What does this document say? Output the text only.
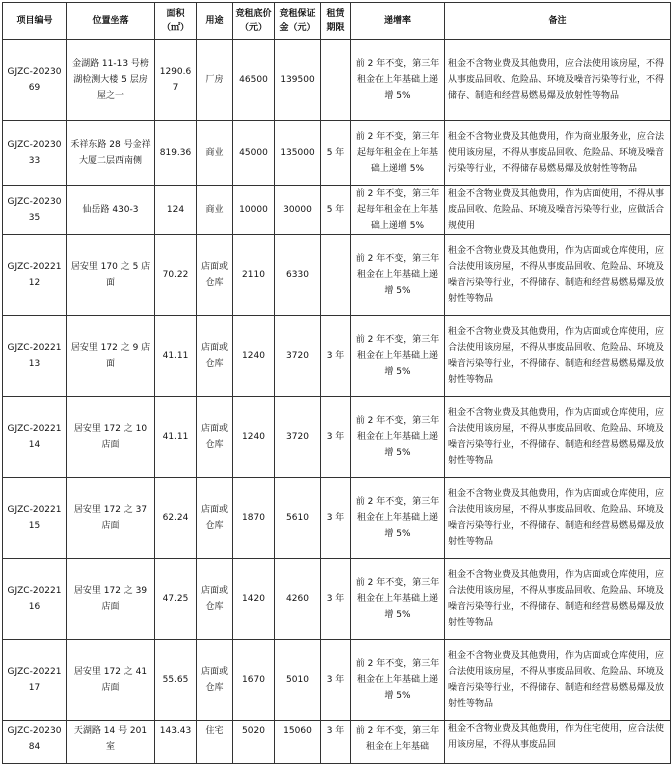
项目编号	位置坐落	面积（㎡）	用途	竞租底价（元）	竞租保证金（元）	租赁期限	递增率	备注
GJZC-2023069	金湖路 11-13 号榜湖检测大楼 5 层房屋之一	1290.67	厂房	46500	139500		前 2 年不变，第三年租金在上年基础上递增 5%	租金不含物业费及其他费用，应合法使用该房屋，不得从事废品回收、危险品、环境及噪音污染等行业，不得储存、制造和经营易燃易爆及放射性等物品
GJZC-2023033	禾祥东路 28 号金祥大厦二层西南侧	819.36	商业	45000	135000	5 年	前 2 年不变，第三年起每年租金在上年基础上递增 5%	租金不含物业费及其他费用，作为商业服务业，应合法使用该房屋，不得从事废品回收、危险品、环境及噪音污染等行业，不得储存易燃易爆及放射性等物品
GJZC-2023035	仙岳路 430-3	124	商业	10000	30000	5 年	前 2 年不变，第三年起每年租金在上年基础上递增 5%	租金不含物业费及其他费用，作为店面使用，不得从事废品回收、危险品、环境及噪音污染等行业，应做活合规使用
GJZC-2022112	居安里 170 之 5 店面	70.22	店面或仓库	2110	6330		前 2 年不变，第三年租金在上年基础上递增 5%	租金不含物业费及其他费用，作为店面或仓库使用，应合法使用该房屋，不得从事废品回收、危险品、环境及噪音污染等行业，不得储存、制造和经营易燃易爆及放射性等物品
GJZC-2022113	居安里 172 之 9 店面	41.11	店面或仓库	1240	3720	3 年	前 2 年不变，第三年租金在上年基础上递增 5%	租金不含物业费及其他费用，作为店面或仓库使用，应合法使用该房屋，不得从事废品回收、危险品、环境及噪音污染等行业，不得储存、制造和经营易燃易爆及放射性等物品
GJZC-2022114	居安里 172 之 10 店面	41.11	店面或仓库	1240	3720	3 年	前 2 年不变，第三年租金在上年基础上递增 5%	租金不含物业费及其他费用，作为店面或仓库使用，应合法使用该房屋，不得从事废品回收、危险品、环境及噪音污染等行业，不得储存、制造和经营易燃易爆及放射性等物品
GJZC-2022115	居安里 172 之 37 店面	62.24	店面或仓库	1870	5610	3 年	前 2 年不变，第三年租金在上年基础上递增 5%	租金不含物业费及其他费用，作为店面或仓库使用，应合法使用该房屋，不得从事废品回收、危险品、环境及噪音污染等行业，不得储存、制造和经营易燃易爆及放射性等物品
GJZC-2022116	居安里 172 之 39 店面	47.25	店面或仓库	1420	4260	3 年	前 2 年不变，第三年租金在上年基础上递增 5%	租金不含物业费及其他费用，作为店面或仓库使用，应合法使用该房屋，不得从事废品回收、危险品、环境及噪音污染等行业，不得储存、制造和经营易燃易爆及放射性等物品
GJZC-2022117	居安里 172 之 41 店面	55.65	店面或仓库	1670	5010	3 年	前 2 年不变，第三年租金在上年基础上递增 5%	租金不含物业费及其他费用，作为店面或仓库使用，应合法使用该房屋，不得从事废品回收、危险品、环境及噪音污染等行业，不得储存、制造和经营易燃易爆及放射性等物品
GJZC-2023084	天湖路 14 号 201 室	143.43	住宅	5020	15060	3 年	前 2 年不变，第三年租金在上年基础	租金不含物业费及其他费用，作为住宅使用，应合法使用该房屋，不得从事废品回
